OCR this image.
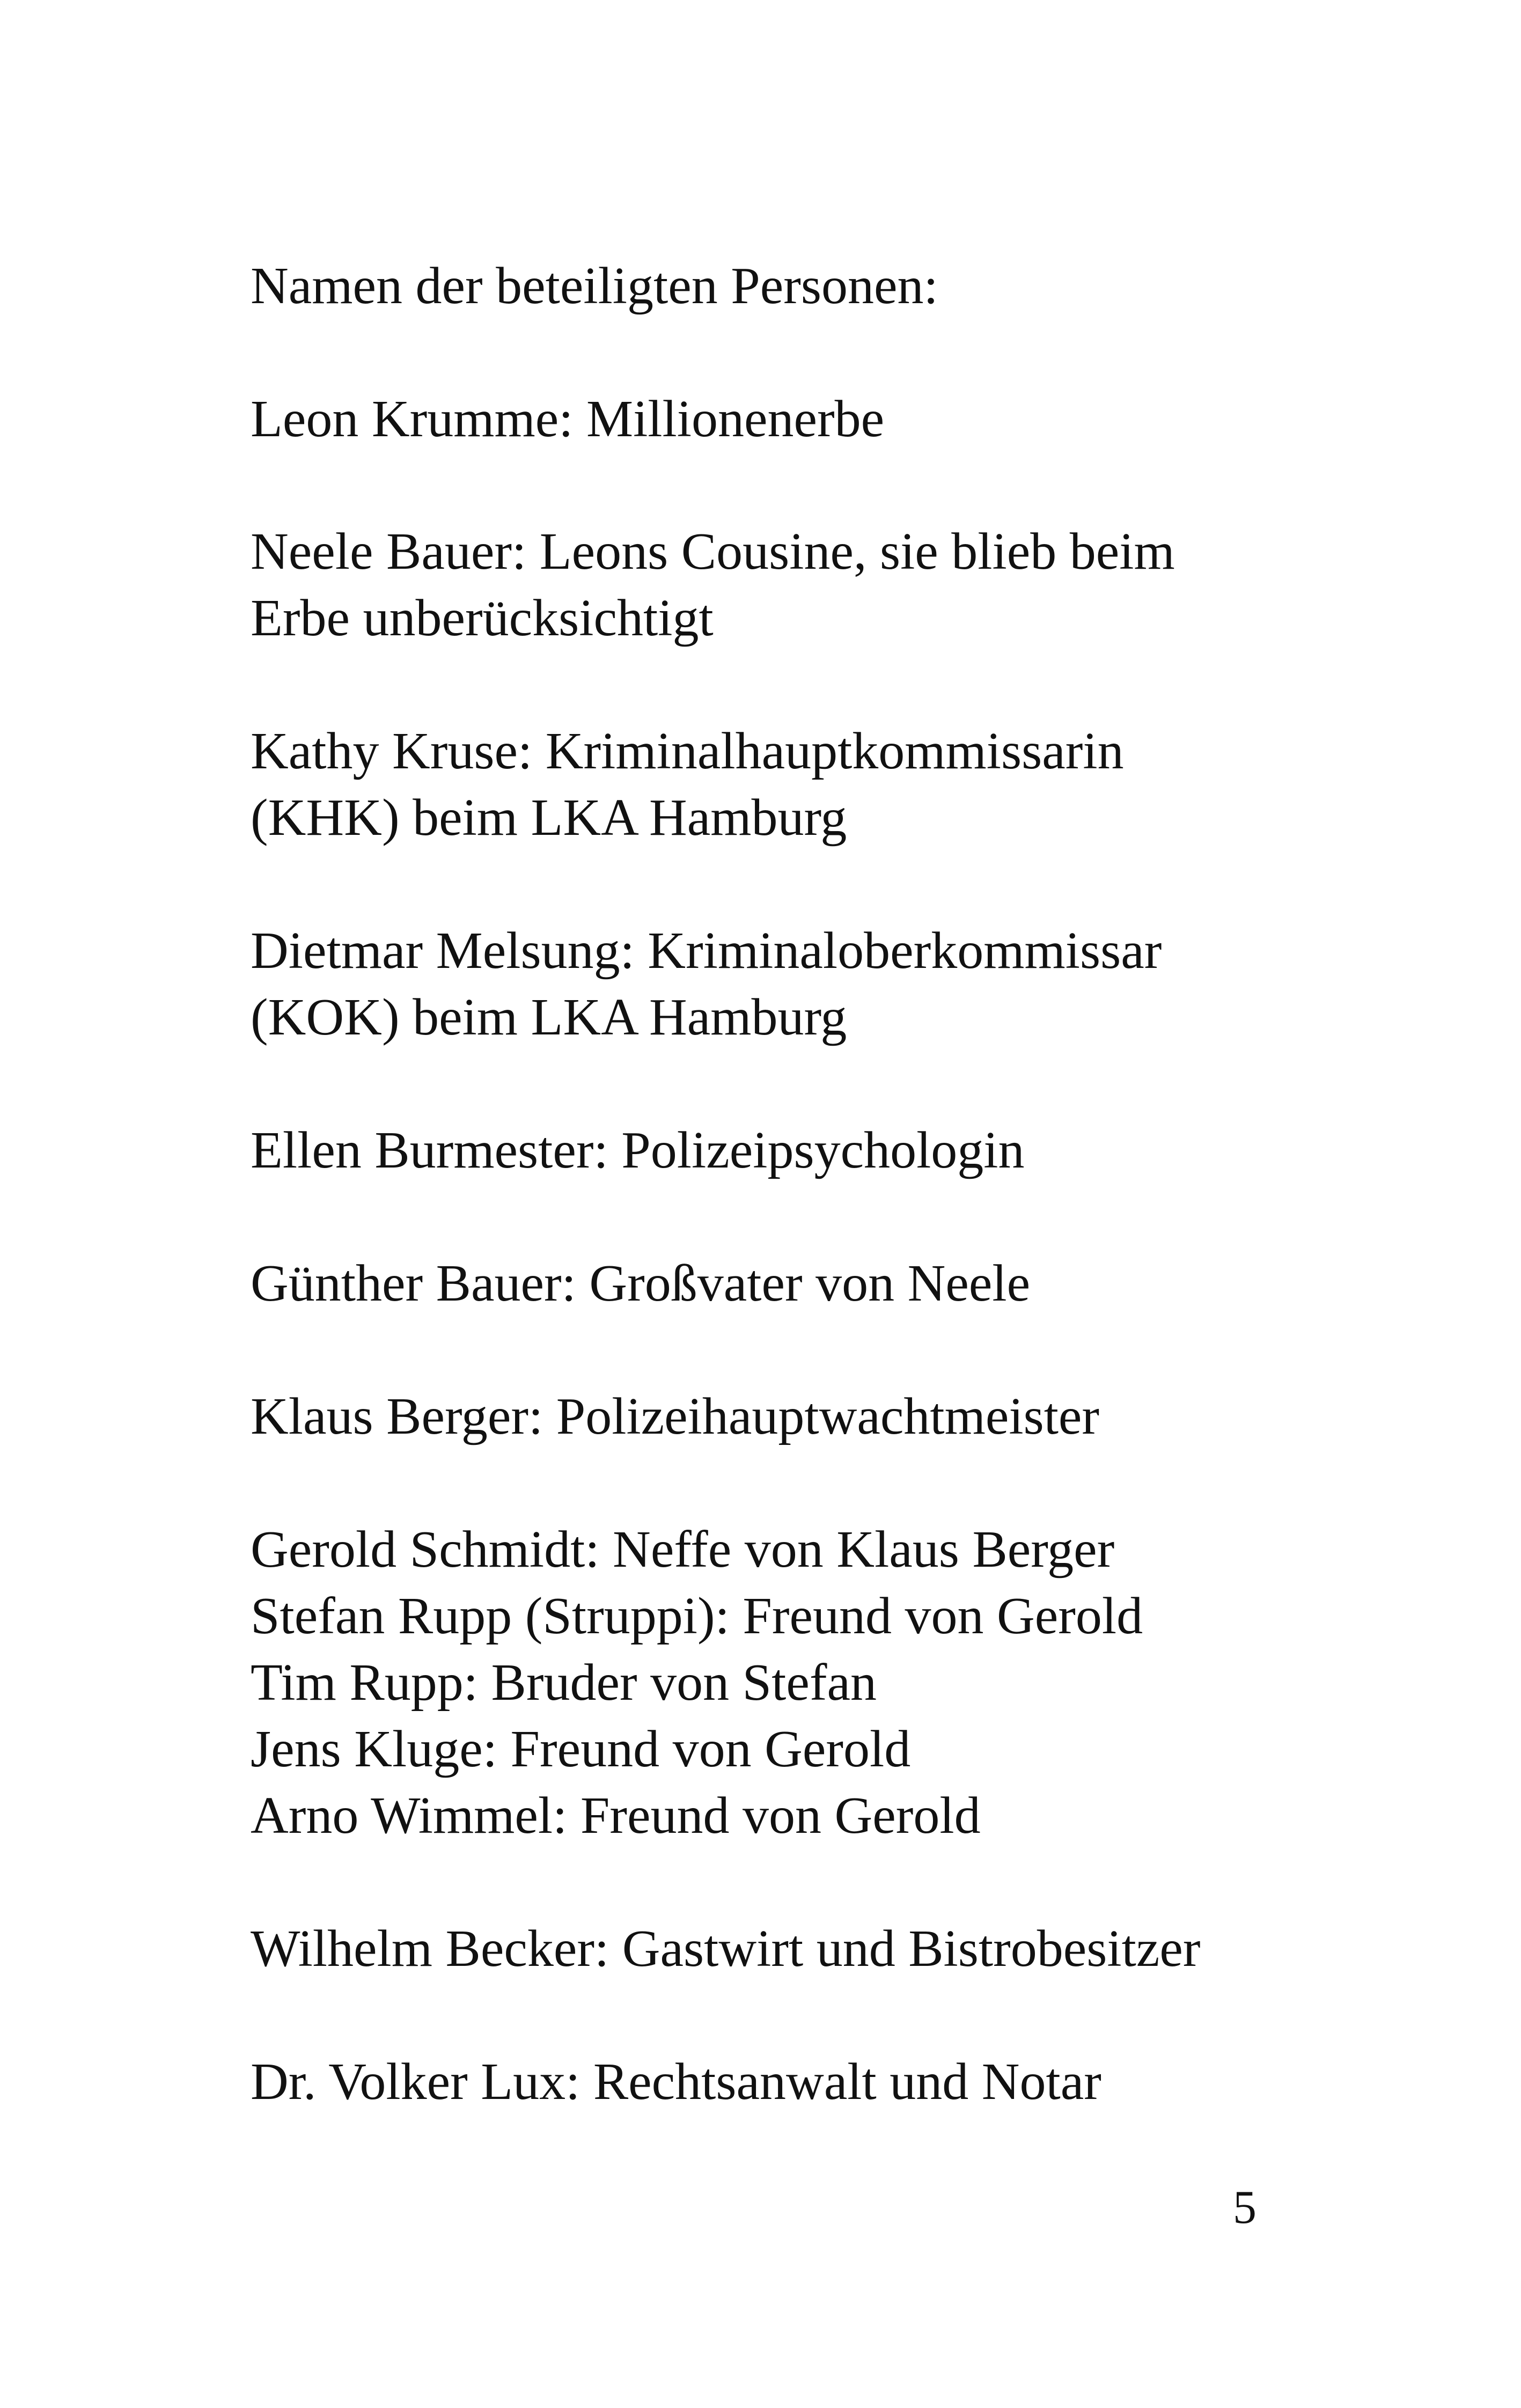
Namen der beteiligten Personen:
Leon Krumme: Millionenerbe
Neele Bauer: Leons Cousine, sie blieb beim
Erbe unberücksichtigt
Kathy Kruse: Kriminalhauptkommissarin
(KHK) beim LKA Hamburg
Dietmar Melsung: Kriminaloberkommissar
(KOK) beim LKA Hamburg
Ellen Burmester: Polizeipsychologin
Günther Bauer: Großvater von Neele
Klaus Berger: Polizeihauptwachtmeister
Gerold Schmidt: Neffe von Klaus Berger
Stefan Rupp (Struppi): Freund von Gerold
Tim Rupp: Bruder von Stefan
Jens Kluge: Freund von Gerold
Arno Wimmel: Freund von Gerold
Wilhelm Becker: Gastwirt und Bistrobesitzer
Dr. Volker Lux: Rechtsanwalt und Notar
5
